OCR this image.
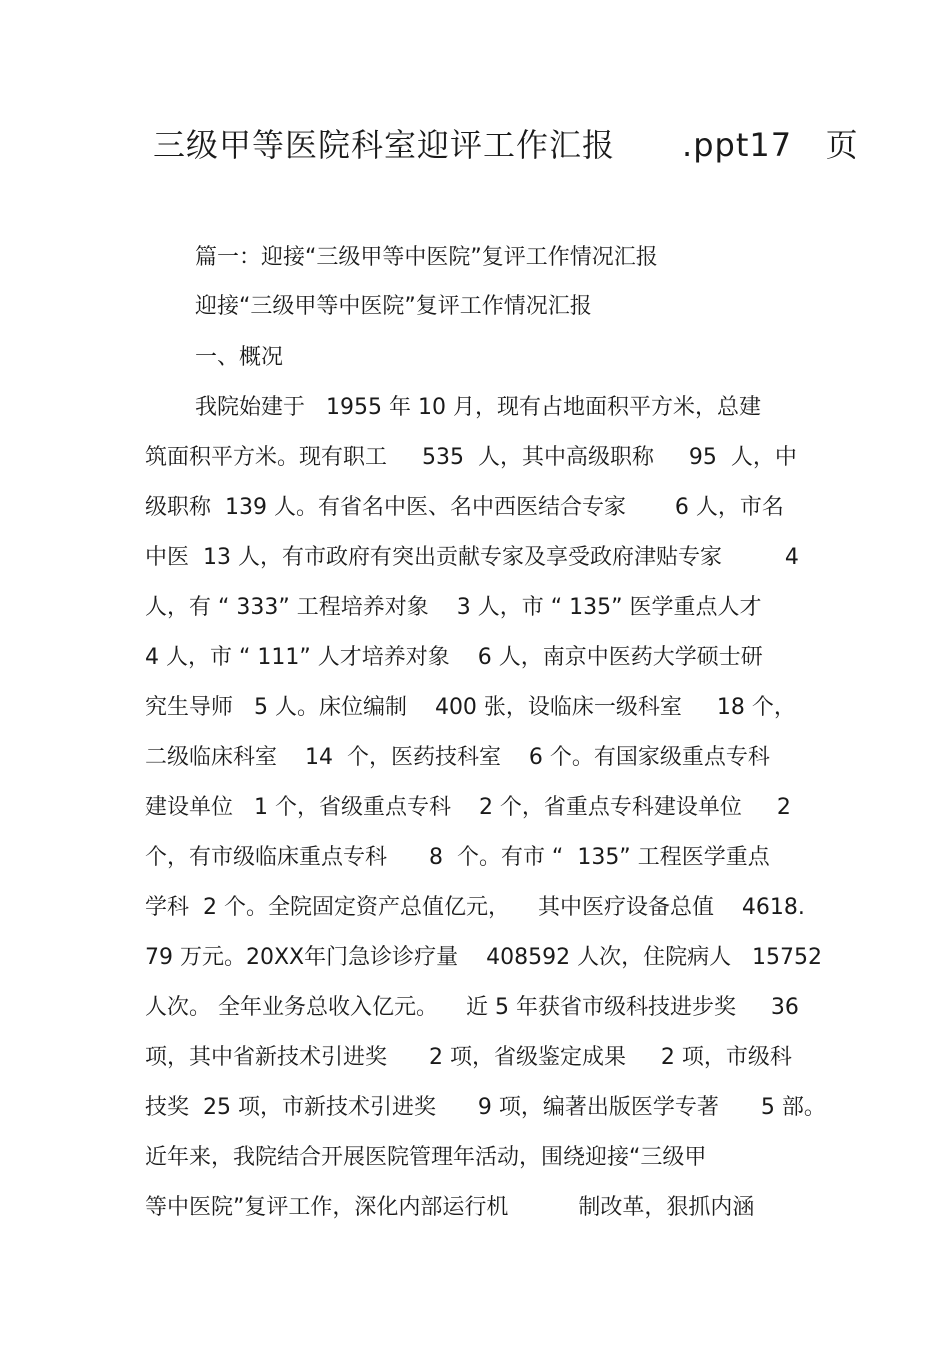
三级甲等医院科室迎评工作汇报      .ppt17   页
篇一：迎接“三级甲等中医院”复评工作情况汇报
迎接“三级甲等中医院”复评工作情况汇报
一、概况
我院始建于   1955 年 10 月，现有占地面积平方米，总建
筑面积平方米。现有职工     535  人，其中高级职称     95  人，中
级职称  139 人。有省名中医、名中西医结合专家       6 人，市名
中医  13 人，有市政府有突出贡献专家及享受政府津贴专家         4
人，有 “ 333” 工程培养对象    3 人，市 “ 135” 医学重点人才
4 人，市 “ 111” 人才培养对象    6 人，南京中医药大学硕士研
究生导师   5 人。床位编制    400 张，设临床一级科室     18 个，
二级临床科室    14  个，医药技科室    6 个。有国家级重点专科
建设单位   1 个，省级重点专科    2 个，省重点专科建设单位     2
个，有市级临床重点专科      8  个。有市 “  135” 工程医学重点
学科  2 个。全院固定资产总值亿元，    其中医疗设备总值    4618.
79 万元。20XX年门急诊诊疗量    408592 人次，住院病人   15752
人次。 全年业务总收入亿元。    近 5 年获省市级科技进步奖     36
项，其中省新技术引进奖      2 项，省级鉴定成果     2 项，市级科
技奖  25 项，市新技术引进奖      9 项，编著出版医学专著      5 部。
近年来，我院结合开展医院管理年活动，围绕迎接“三级甲
等中医院”复评工作，深化内部运行机          制改革，狠抓内涵
